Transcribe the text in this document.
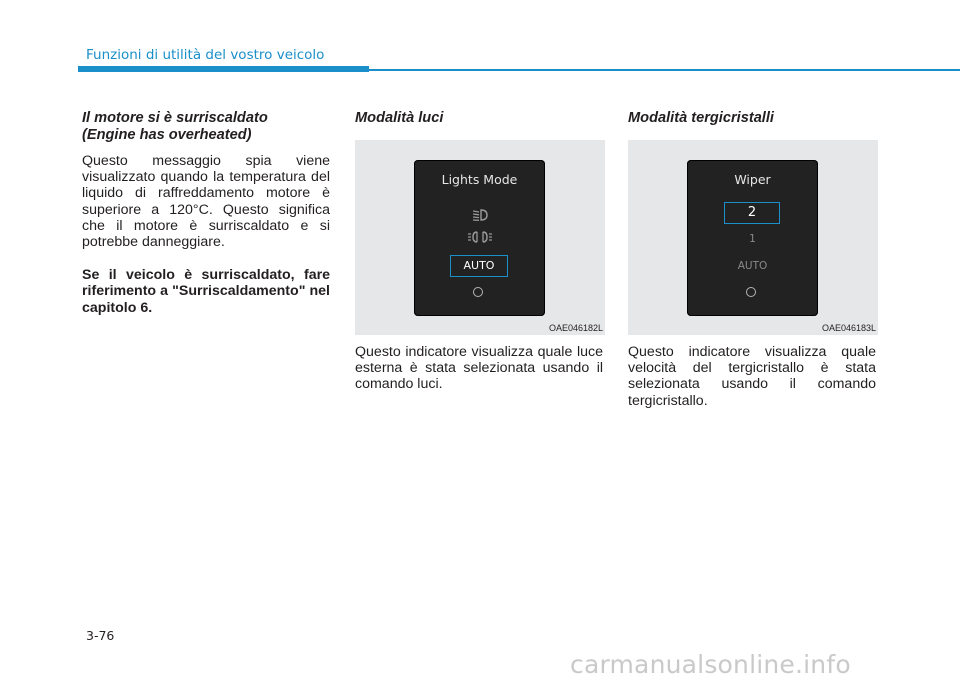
Funzioni di utilità del vostro veicolo
Il motore si è surriscaldato
(Engine has overheated)

Questo messaggio spia viene visualizzato quando la temperatura del liquido di raffreddamento motore è superiore a 120°C. Questo significa che il motore è surriscaldato e si potrebbe danneggiare.

Se il veicolo è surriscaldato, fare riferimento a "Surriscaldamento" nel capitolo 6.

Modalità luci
Lights Mode
AUTO
OAE046182L

Questo indicatore visualizza quale luce esterna è stata selezionata usando il comando luci.

Modalità tergicristalli
Wiper
2
1
AUTO
OAE046183L

Questo indicatore visualizza quale velocità del tergicristallo è stata selezionata usando il comando tergicristallo.

3-76
carmanualsonline.info
